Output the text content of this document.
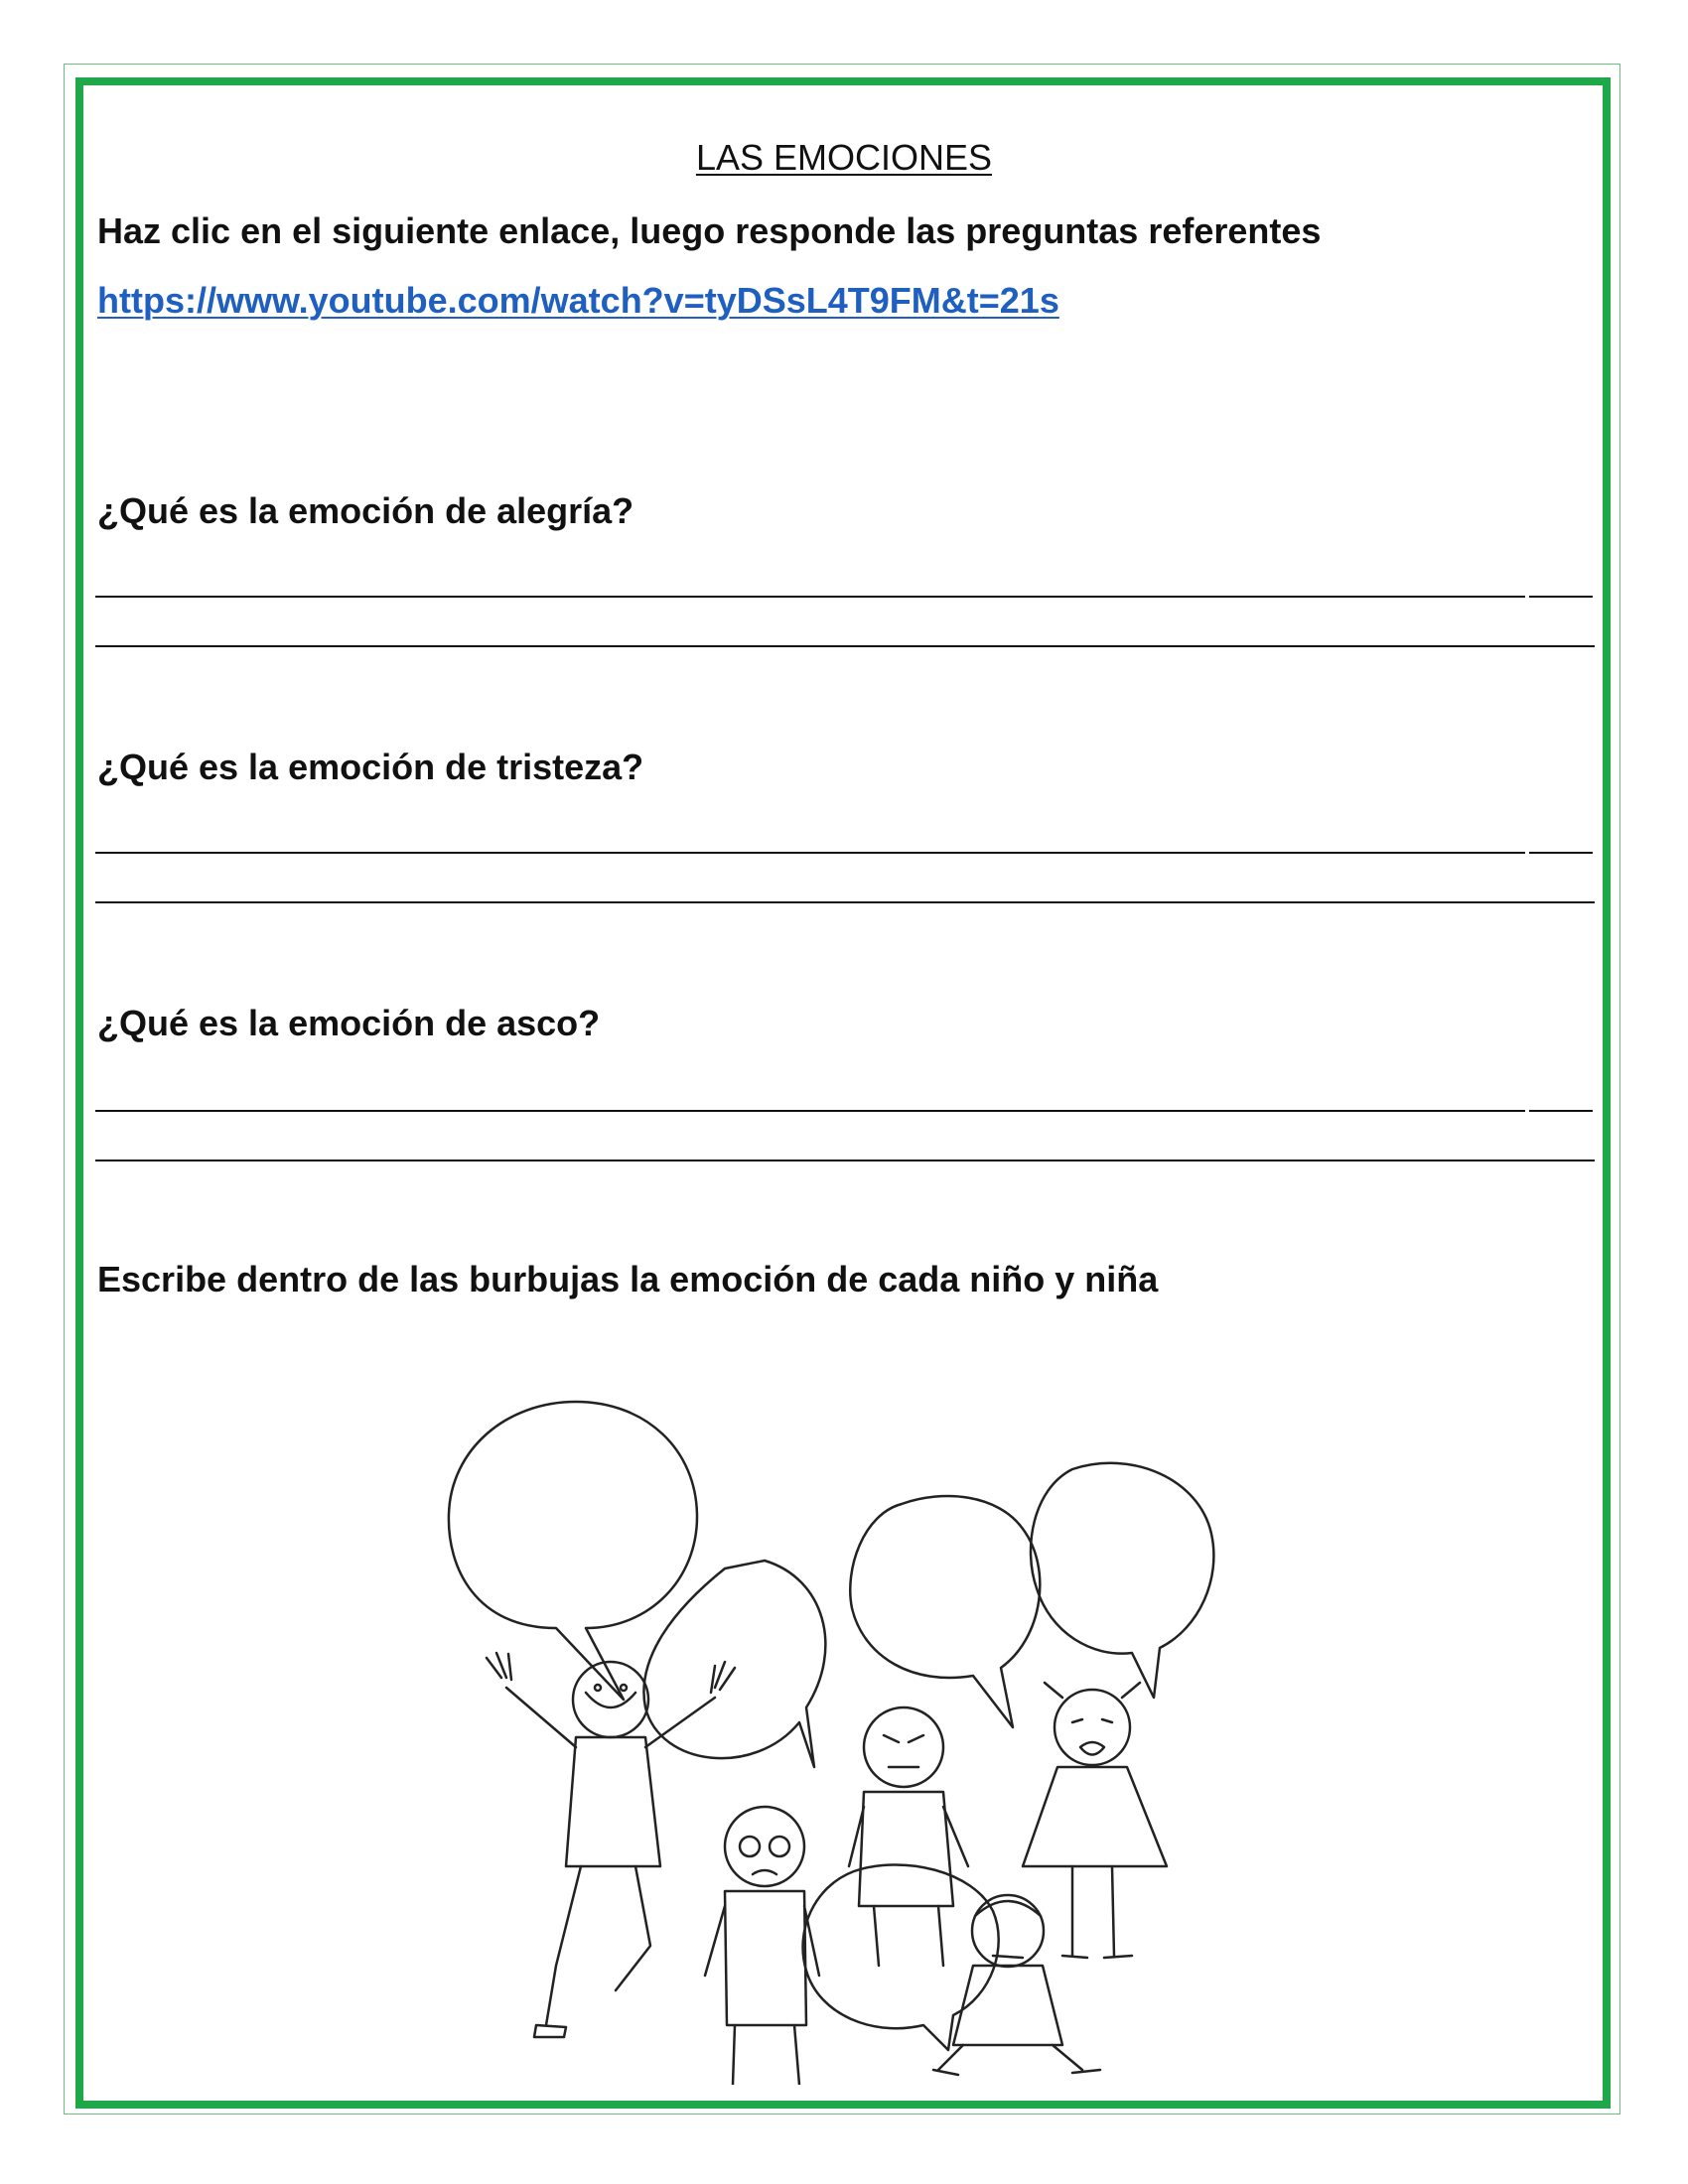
LAS EMOCIONES
Haz clic en el siguiente enlace, luego responde las preguntas referentes
https://www.youtube.com/watch?v=tyDSsL4T9FM&t=21s
¿Qué es la emoción de alegría?
¿Qué es la emoción de tristeza?
¿Qué es la emoción de asco?
Escribe dentro de las burbujas la emoción de cada niño y niña
